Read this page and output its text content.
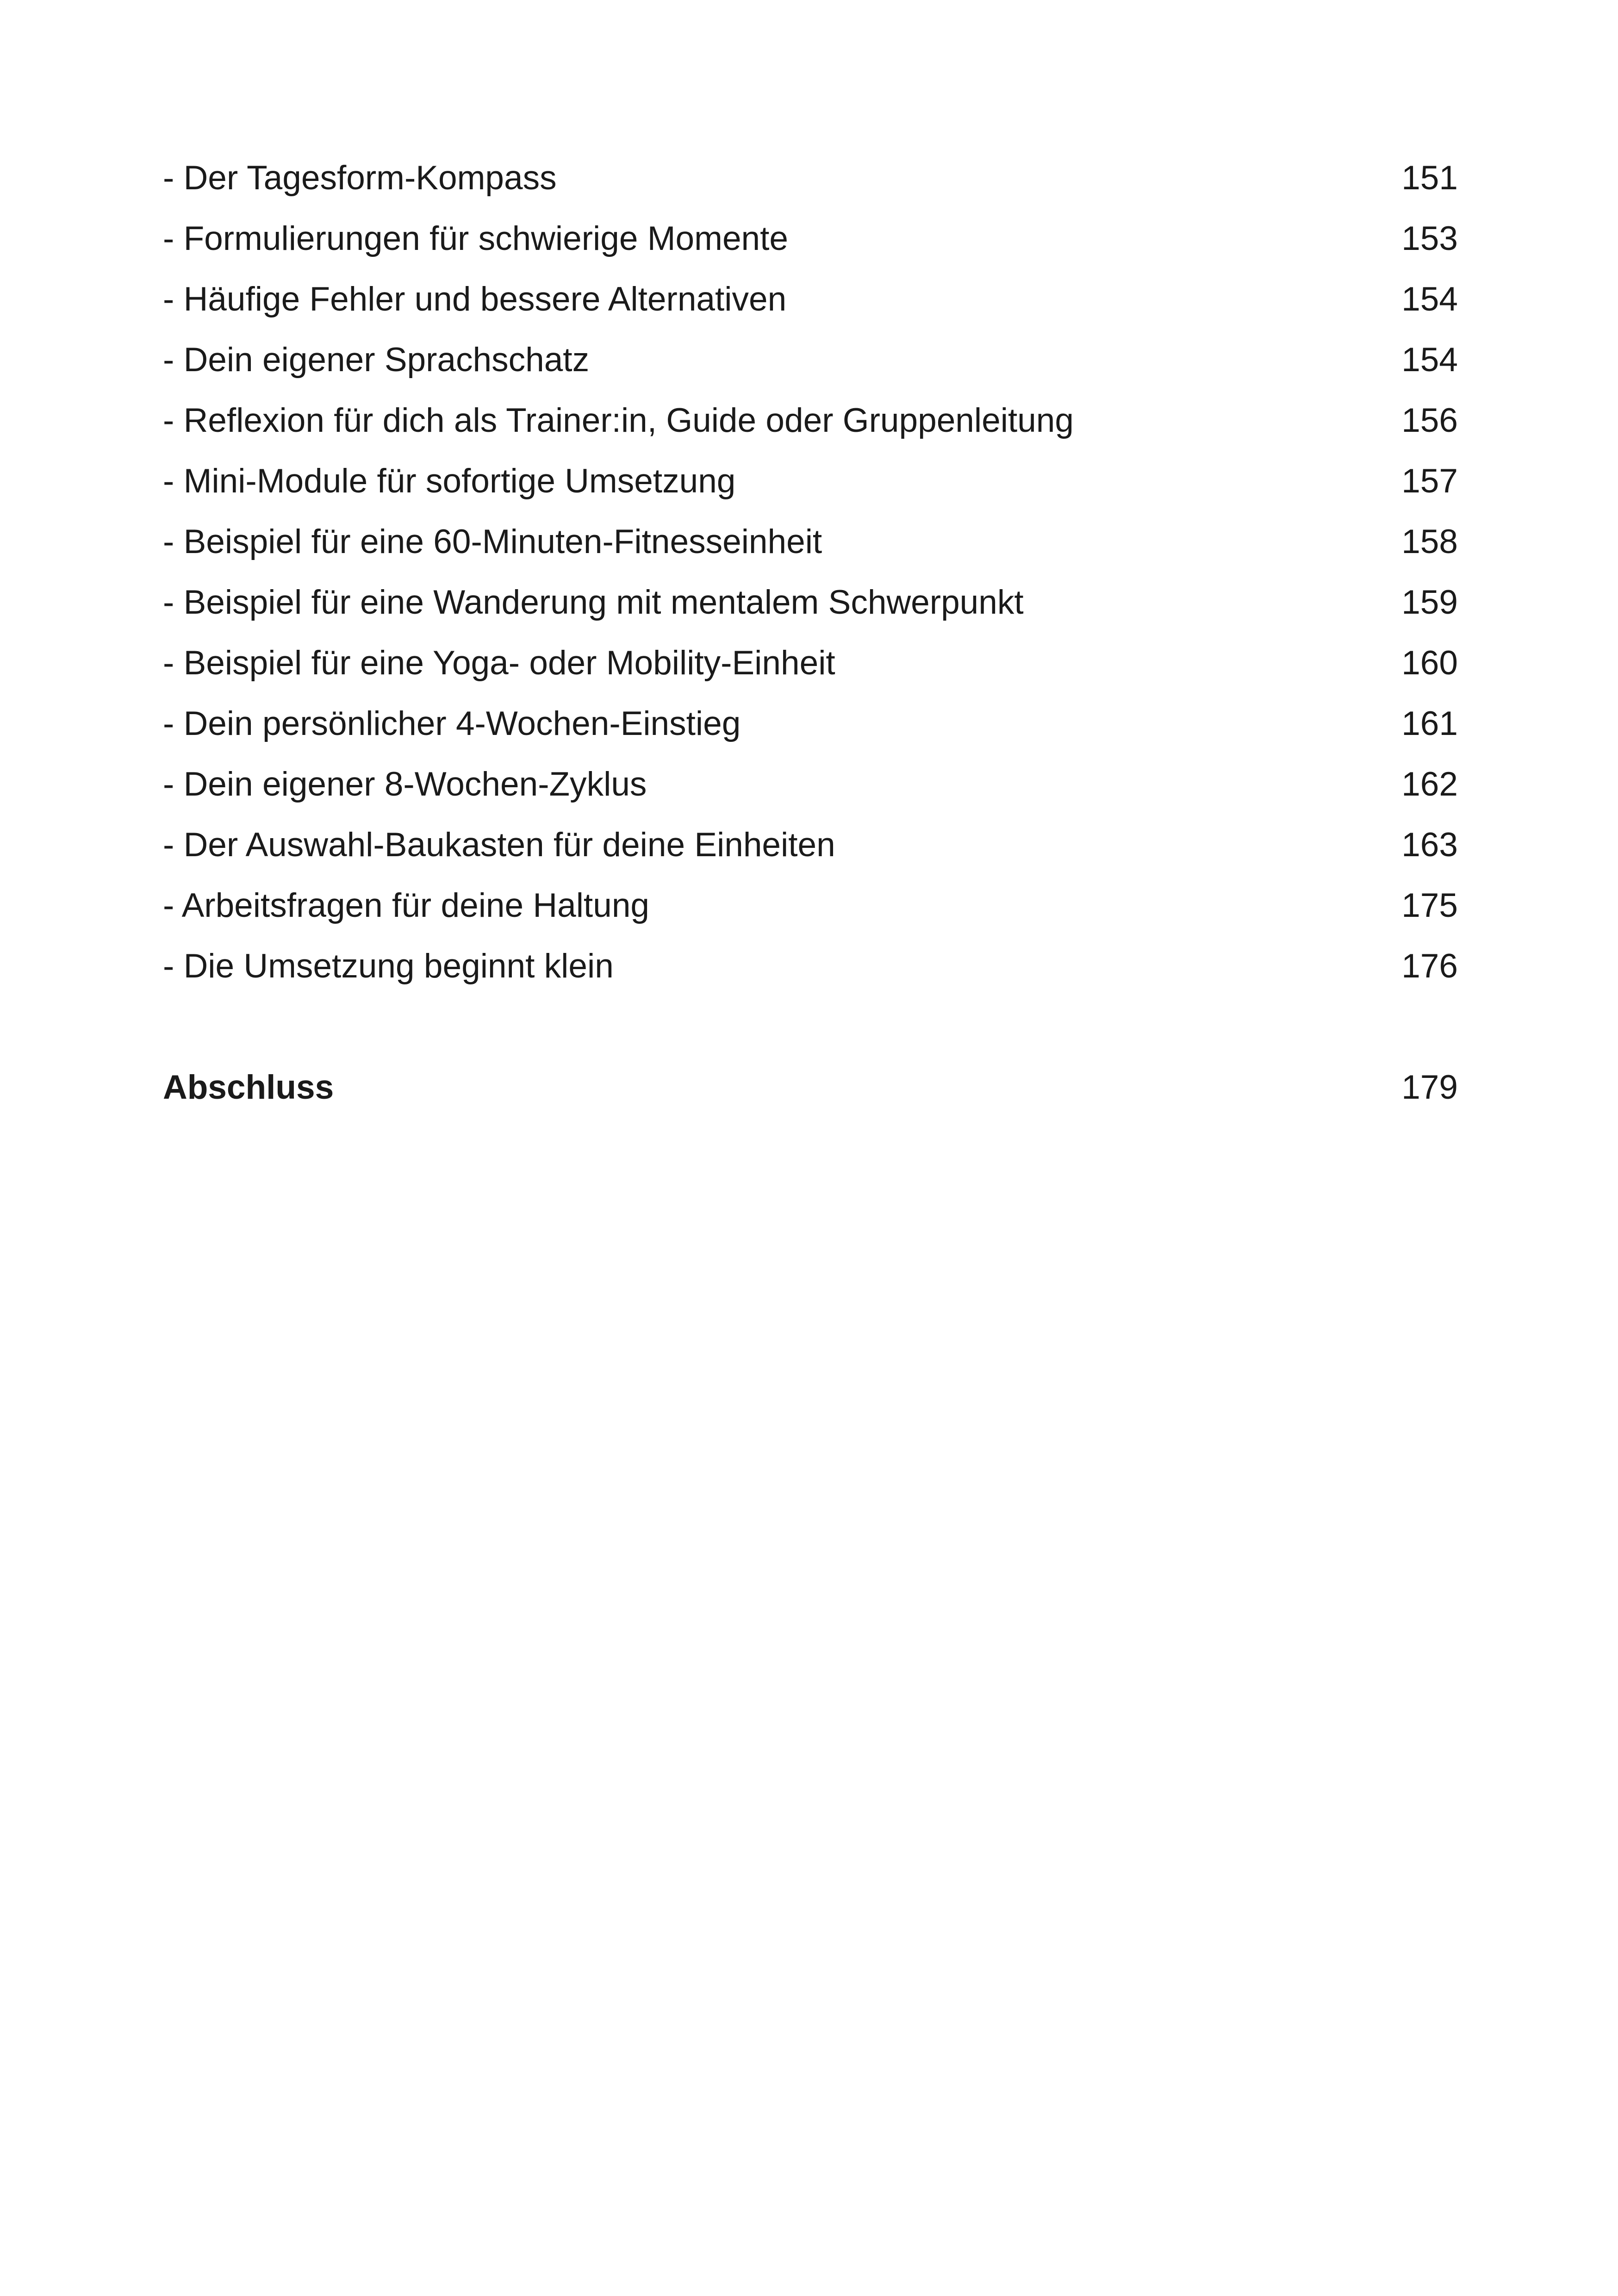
- Der Tagesform-Kompass	151
- Formulierungen für schwierige Momente	153
- Häufige Fehler und bessere Alternativen	154
- Dein eigener Sprachschatz	154
- Reflexion für dich als Trainer:in, Guide oder Gruppenleitung	156
- Mini-Module für sofortige Umsetzung	157
- Beispiel für eine 60-Minuten-Fitnesseinheit	158
- Beispiel für eine Wanderung mit mentalem Schwerpunkt	159
- Beispiel für eine Yoga- oder Mobility-Einheit	160
- Dein persönlicher 4-Wochen-Einstieg	161
- Dein eigener 8-Wochen-Zyklus	162
- Der Auswahl-Baukasten für deine Einheiten	163
- Arbeitsfragen für deine Haltung	175
- Die Umsetzung beginnt klein	176
Abschluss	179
